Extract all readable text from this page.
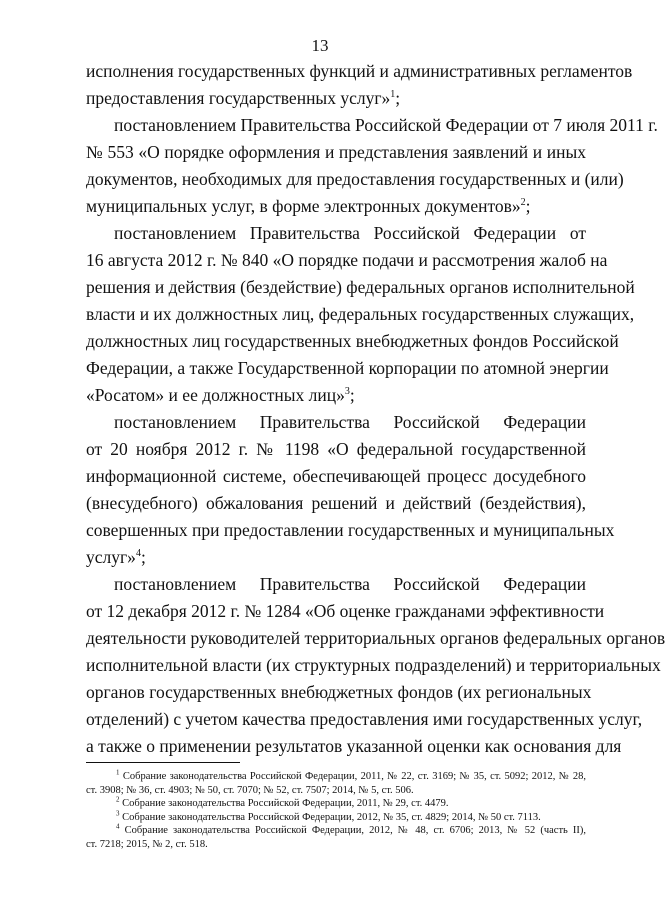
13

исполнения государственных функций и административных регламентов
предоставления государственных услуг»$^1$;

постановлением Правительства Российской Федерации от 7 июля 2011 г.
№ 553 «О порядке оформления и представления заявлений и иных
документов, необходимых для предоставления государственных и (или)
муниципальных услуг, в форме электронных документов»$^2$;

постановлением Правительства Российской Федерации от
16 августа 2012 г. № 840 «О порядке подачи и рассмотрения жалоб на
решения и действия (бездействие) федеральных органов исполнительной
власти и их должностных лиц, федеральных государственных служащих,
должностных лиц государственных внебюджетных фондов Российской
Федерации, а также Государственной корпорации по атомной энергии
«Росатом» и ее должностных лиц»$^3$;

постановлением Правительства Российской Федерации
от 20 ноября 2012 г. № 1198 «О федеральной государственной
информационной системе, обеспечивающей процесс досудебного
(внесудебного) обжалования решений и действий (бездействия),
совершенных при предоставлении государственных и муниципальных
услуг»$^4$;

постановлением Правительства Российской Федерации
от 12 декабря 2012 г. № 1284 «Об оценке гражданами эффективности
деятельности руководителей территориальных органов федеральных органов
исполнительной власти (их структурных подразделений) и территориальных
органов государственных внебюджетных фондов (их региональных
отделений) с учетом качества предоставления ими государственных услуг,
а также о применении результатов указанной оценки как основания для

$^1$ Собрание законодательства Российской Федерации, 2011, № 22, ст. 3169; № 35, ст. 5092; 2012, № 28,
ст. 3908; № 36, ст. 4903; № 50, ст. 7070; № 52, ст. 7507; 2014, № 5, ст. 506.
$^2$ Собрание законодательства Российской Федерации, 2011, № 29, ст. 4479.
$^3$ Собрание законодательства Российской Федерации, 2012, № 35, ст. 4829; 2014, № 50 ст. 7113.
$^4$ Собрание законодательства Российской Федерации, 2012, № 48, ст. 6706; 2013, № 52 (часть II),
ст. 7218; 2015, № 2, ст. 518.
